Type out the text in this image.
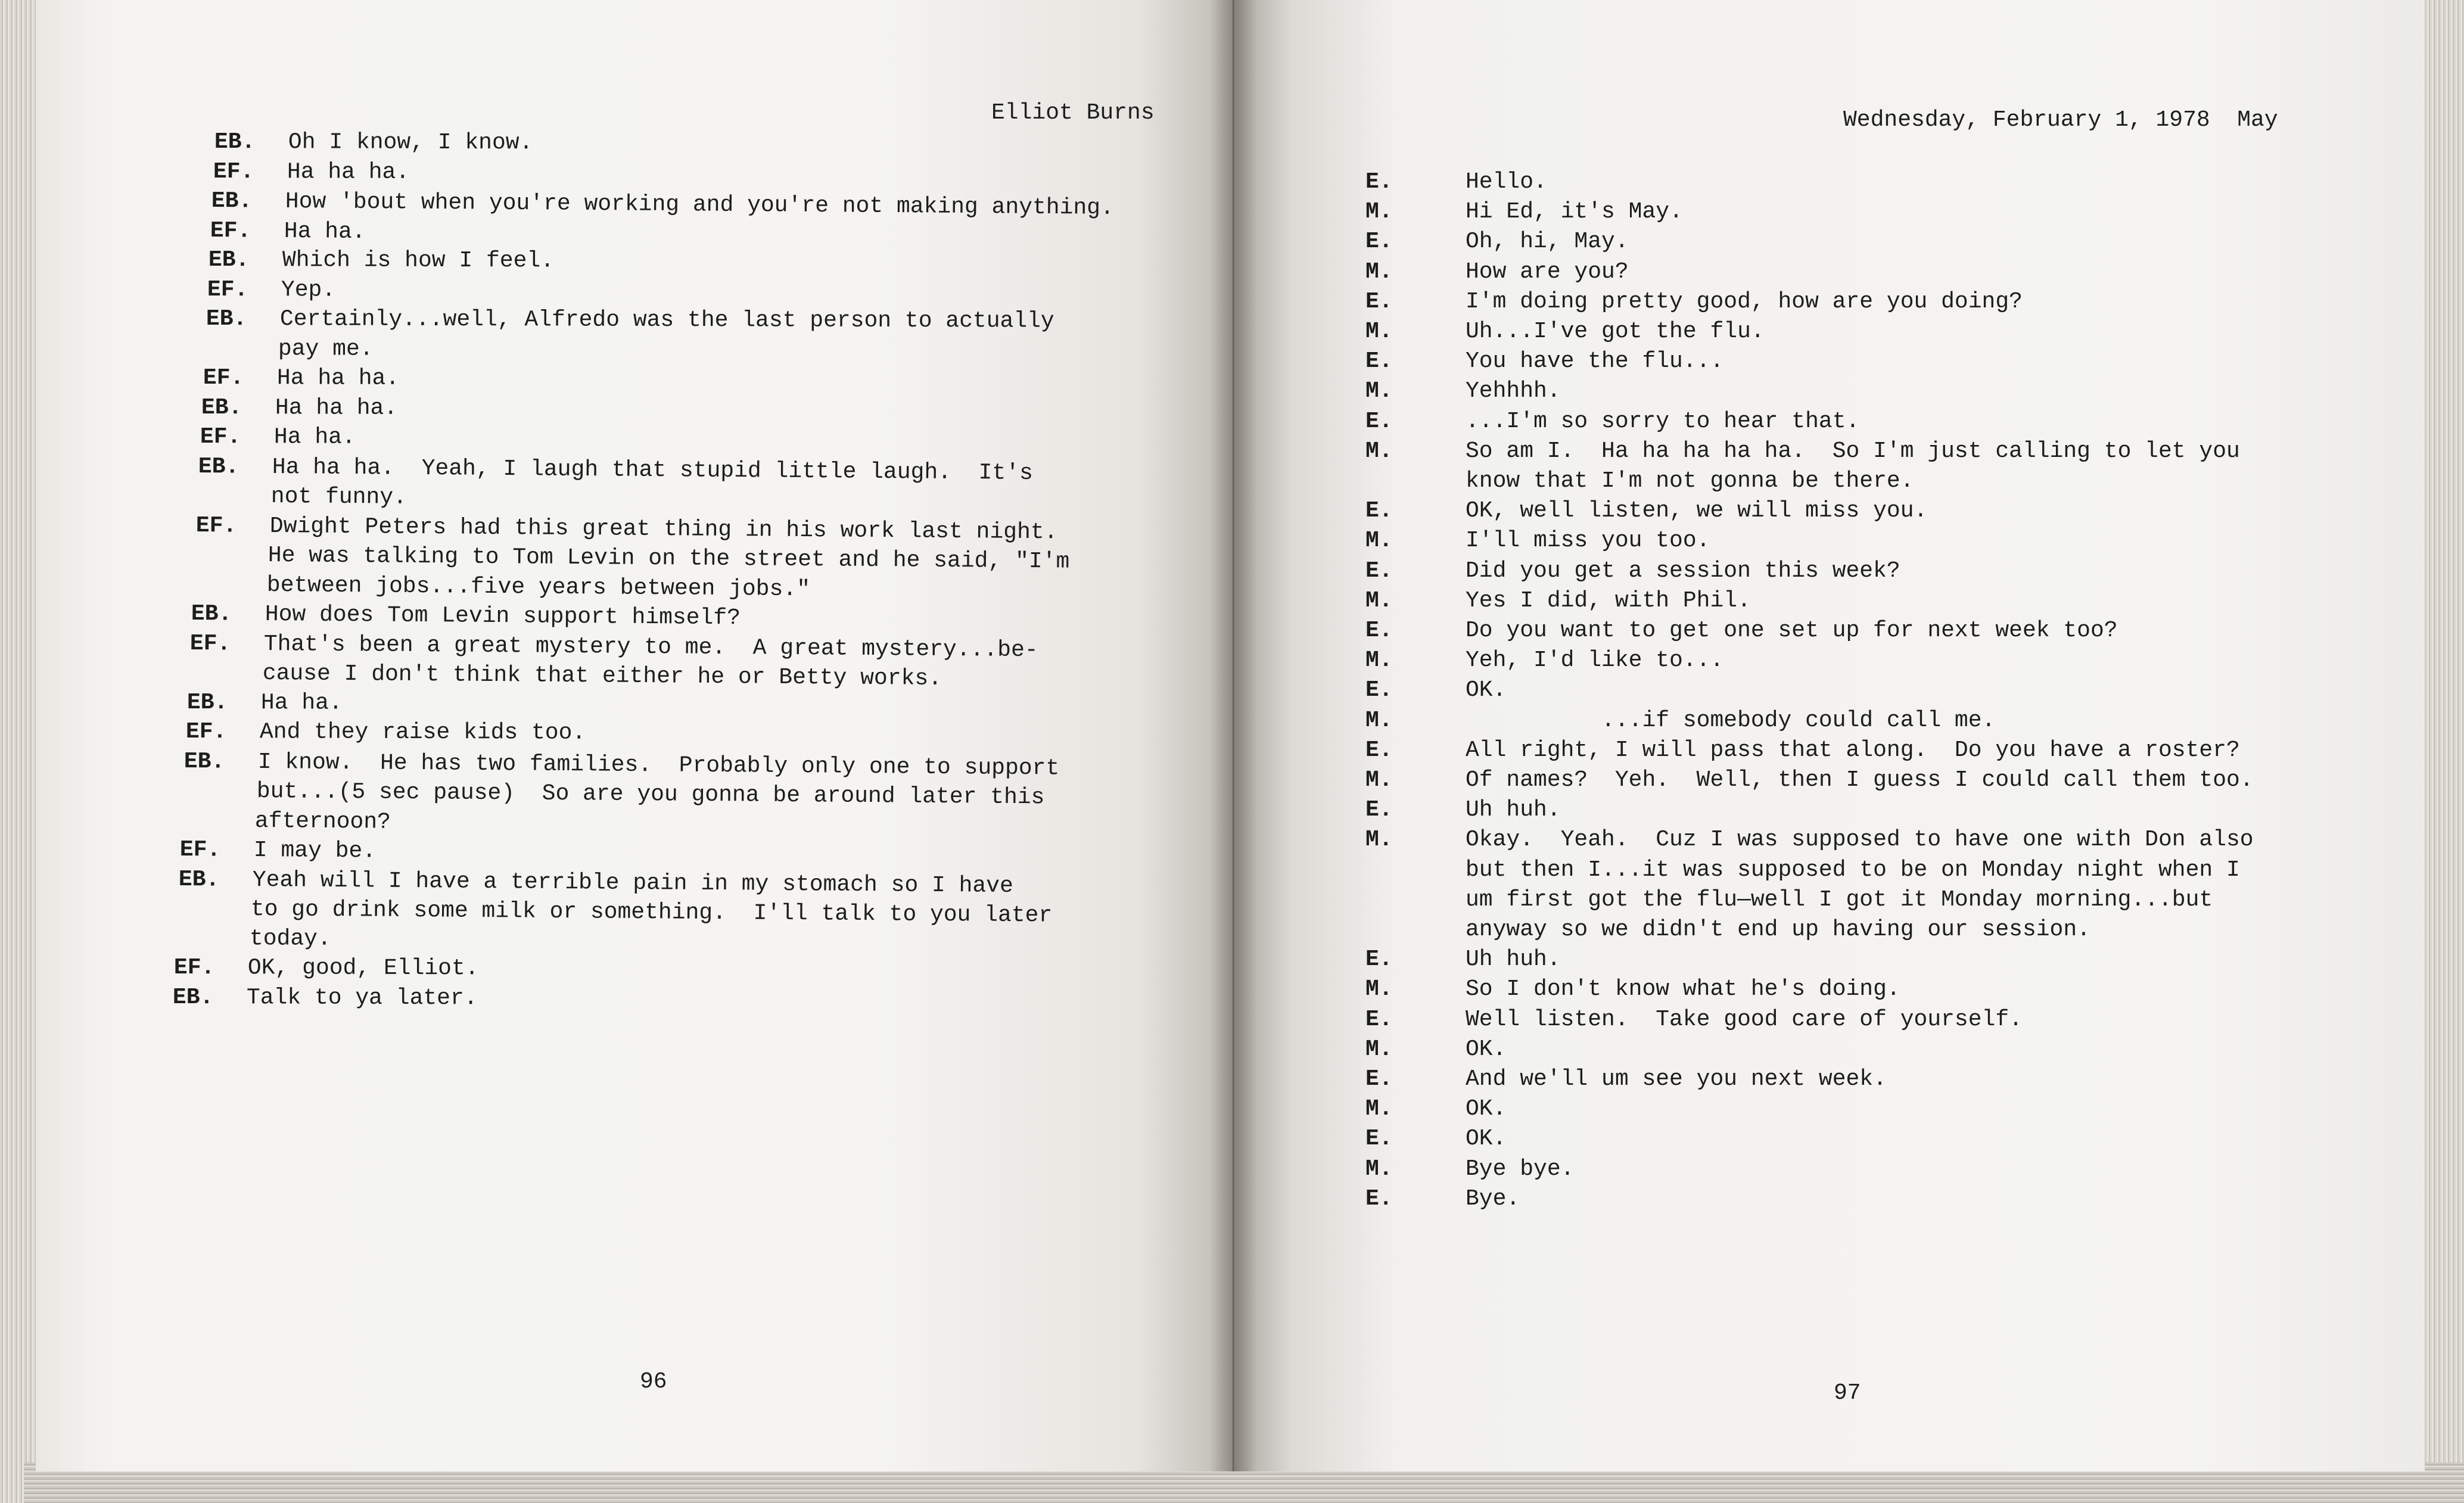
Elliot Burns
EB. Oh I know, I know.
EF. Ha ha ha.
EB. How 'bout when you're working and you're not making anything.
EF. Ha ha.
EB. Which is how I feel.
EF. Yep.
EB. Certainly...well, Alfredo was the last person to actually
pay me.
EF. Ha ha ha.
EB. Ha ha ha.
EF. Ha ha.
EB. Ha ha ha.  Yeah, I laugh that stupid little laugh.  It's
not funny.
EF. Dwight Peters had this great thing in his work last night.
He was talking to Tom Levin on the street and he said, "I'm
between jobs...five years between jobs."
EB. How does Tom Levin support himself?
EF. That's been a great mystery to me.  A great mystery...be-
cause I don't think that either he or Betty works.
EB. Ha ha.
EF. And they raise kids too.
EB. I know.  He has two families.  Probably only one to support
but...(5 sec pause)  So are you gonna be around later this
afternoon?
EF. I may be.
EB. Yeah will I have a terrible pain in my stomach so I have
to go drink some milk or something.  I'll talk to you later
today.
EF. OK, good, Elliot.
EB. Talk to ya later.
96
Wednesday, February 1, 1978  May
E.	Hello.
M.	Hi Ed, it's May.
E.	Oh, hi, May.
M.	How are you?
E.	I'm doing pretty good, how are you doing?
M.	Uh...I've got the flu.
E.	You have the flu...
M.	Yehhhh.
E.	...I'm so sorry to hear that.
M.	So am I.  Ha ha ha ha ha.  So I'm just calling to let you
know that I'm not gonna be there.
E.	OK, well listen, we will miss you.
M.	I'll miss you too.
E.	Did you get a session this week?
M.	Yes I did, with Phil.
E.	Do you want to get one set up for next week too?
M.	Yeh, I'd like to...
E.	OK.
M.	...if somebody could call me.
E.	All right, I will pass that along.  Do you have a roster?
M.	Of names?  Yeh.  Well, then I guess I could call them too.
E.	Uh huh.
M.	Okay.  Yeah.  Cuz I was supposed to have one with Don also
but then I...it was supposed to be on Monday night when I
um first got the flu—well I got it Monday morning...but
anyway so we didn't end up having our session.
E.	Uh huh.
M.	So I don't know what he's doing.
E.	Well listen.  Take good care of yourself.
M.	OK.
E.	And we'll um see you next week.
M.	OK.
E.	OK.
M.	Bye bye.
E.	Bye.
97
